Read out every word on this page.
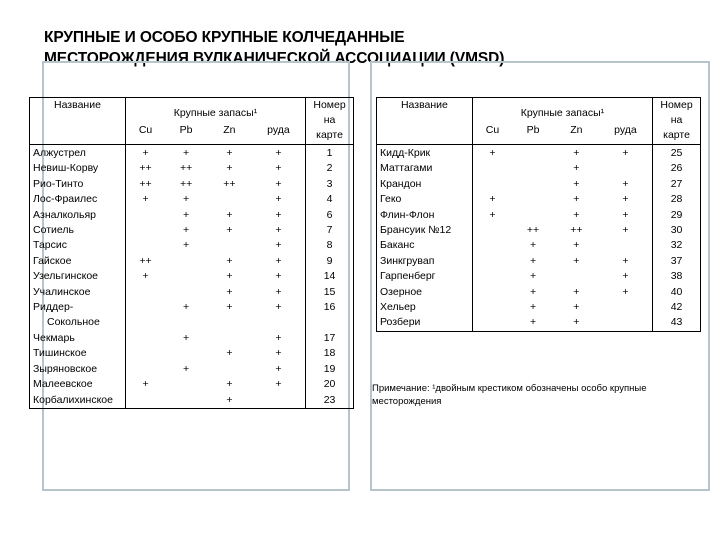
КРУПНЫЕ И ОСОБО КРУПНЫЕ КОЛЧЕДАННЫЕ
МЕСТОРОЖДЕНИЯ ВУЛКАНИЧЕСКОЙ АССОЦИАЦИИ (VMSD)
Название	Крупные запасы¹				Номер
на
карте

	Cu	Pb	Zn	руда	

Алжустрел	+	+	+	+	1

Невиш-Корву	++	++	+	+	2

Рио-Тинто	++	++	++	+	3

Лос-Фраилес	+	+		+	4

Азналкольяр		+	+	+	6

Сотиель		+	+	+	7

Тарсис		+		+	8

Гайское	++		+	+	9

Узельгинское	+		+	+	14

Учалинское			+	+	15

Риддер-
Сокольное		+	+	+	16

Чекмарь		+		+	17

Тишинское			+	+	18

Зыряновское		+		+	19

Малеевское	+		+	+	20

Корбалихинское			+		23
Название	Крупные запасы¹				Номер
на
карте

	Cu	Pb	Zn	руда	

Кидд-Крик	+		+	+	25

Маттагами			+		26

Крандон			+	+	27

Геко	+		+	+	28

Флин-Флон	+		+	+	29

Брансуик №12		++	++	+	30

Баканс		+	+		32

Зинкгрувап		+	+	+	37

Гарпенберг		+		+	38

Озерное		+	+	+	40

Хельер		+	+		42

Розбери		+	+		43
Примечание: ¹двойным крестиком обозначены особо крупные месторождения
